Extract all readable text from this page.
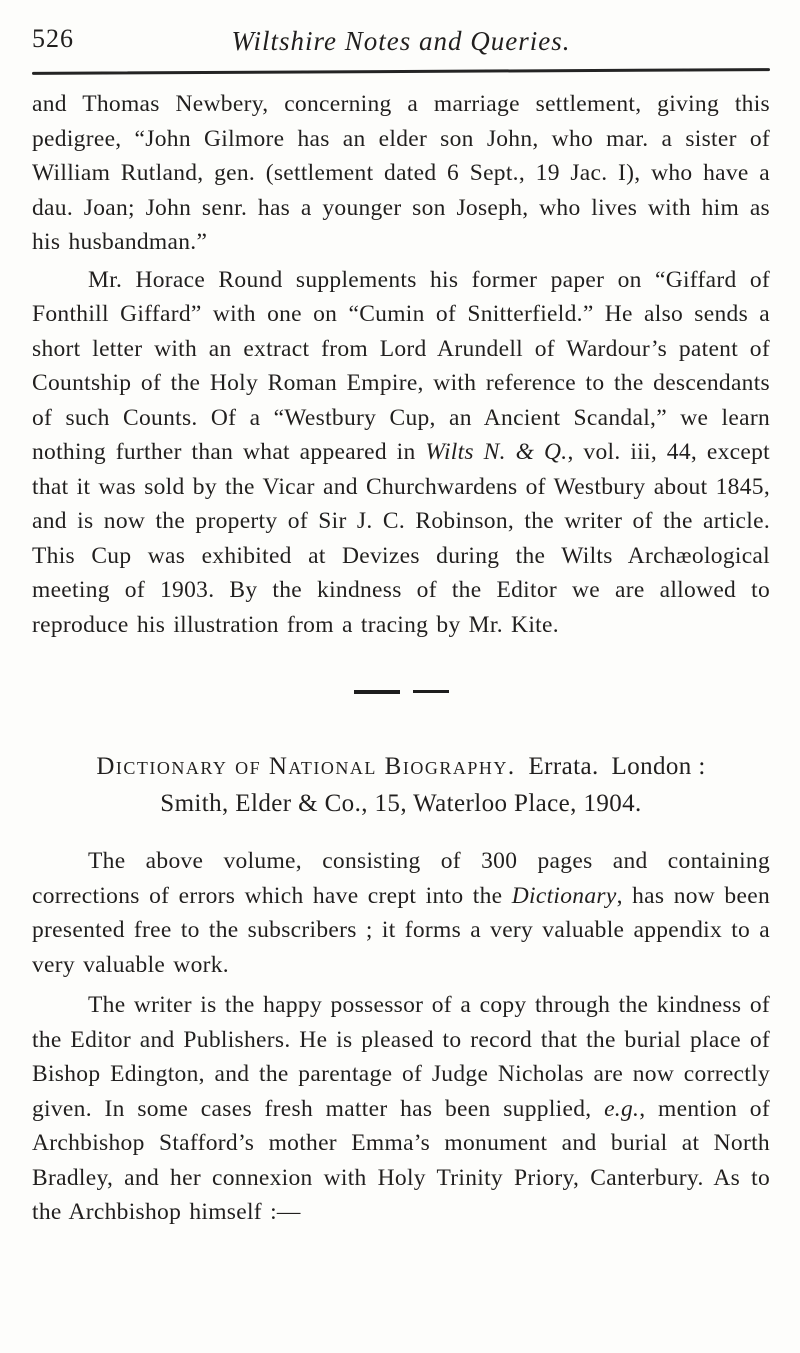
526	Wiltshire Notes and Queries.

and Thomas Newbery, concerning a marriage settlement, giving this pedigree, “John Gilmore has an elder son John, who mar. a sister of William Rutland, gen. (settlement dated 6 Sept., 19 Jac. I), who have a dau. Joan; John senr. has a younger son Joseph, who lives with him as his husbandman.”

Mr. Horace Round supplements his former paper on “Giffard of Fonthill Giffard” with one on “Cumin of Snitterfield.” He also sends a short letter with an extract from Lord Arundell of Wardour’s patent of Countship of the Holy Roman Empire, with reference to the descendants of such Counts. Of a “Westbury Cup, an Ancient Scandal,” we learn nothing further than what appeared in Wilts N. & Q., vol. iii, 44, except that it was sold by the Vicar and Churchwardens of Westbury about 1845, and is now the property of Sir J. C. Robinson, the writer of the article. This Cup was exhibited at Devizes during the Wilts Archæological meeting of 1903. By the kindness of the Editor we are allowed to reproduce his illustration from a tracing by Mr. Kite.

Dictionary of National Biography. Errata. London :
Smith, Elder & Co., 15, Waterloo Place, 1904.

The above volume, consisting of 300 pages and containing corrections of errors which have crept into the Dictionary, has now been presented free to the subscribers ; it forms a very valuable appendix to a very valuable work.

The writer is the happy possessor of a copy through the kindness of the Editor and Publishers. He is pleased to record that the burial place of Bishop Edington, and the parentage of Judge Nicholas are now correctly given. In some cases fresh matter has been supplied, e.g., mention of Archbishop Stafford’s mother Emma’s monument and burial at North Bradley, and her connexion with Holy Trinity Priory, Canterbury. As to the Archbishop himself :—
